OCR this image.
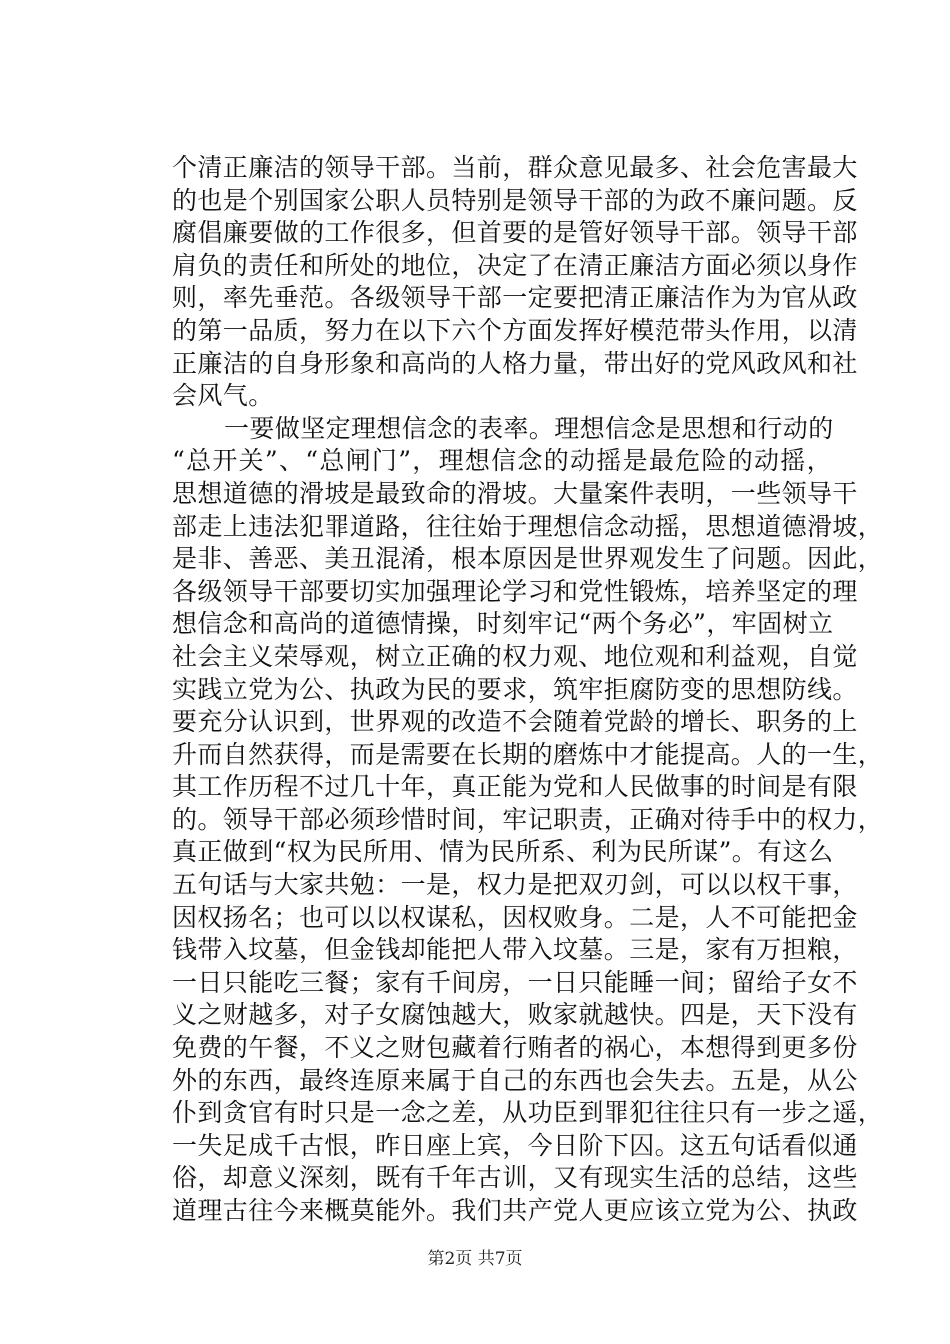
个清正廉洁的领导干部。当前，群众意见最多、社会危害最大
的也是个别国家公职人员特别是领导干部的为政不廉问题。反
腐倡廉要做的工作很多，但首要的是管好领导干部。领导干部
肩负的责任和所处的地位，决定了在清正廉洁方面必须以身作
则，率先垂范。各级领导干部一定要把清正廉洁作为为官从政
的第一品质，努力在以下六个方面发挥好模范带头作用，以清
正廉洁的自身形象和高尚的人格力量，带出好的党风政风和社
会风气。
一要做坚定理想信念的表率。理想信念是思想和行动的
“总开关”、“总闸门”，理想信念的动摇是最危险的动摇，
思想道德的滑坡是最致命的滑坡。大量案件表明，一些领导干
部走上违法犯罪道路，往往始于理想信念动摇，思想道德滑坡，
是非、善恶、美丑混淆，根本原因是世界观发生了问题。因此，
各级领导干部要切实加强理论学习和党性锻炼，培养坚定的理
想信念和高尚的道德情操，时刻牢记“两个务必”，牢固树立
社会主义荣辱观，树立正确的权力观、地位观和利益观，自觉
实践立党为公、执政为民的要求，筑牢拒腐防变的思想防线。
要充分认识到，世界观的改造不会随着党龄的增长、职务的上
升而自然获得，而是需要在长期的磨炼中才能提高。人的一生，
其工作历程不过几十年，真正能为党和人民做事的时间是有限
的。领导干部必须珍惜时间，牢记职责，正确对待手中的权力，
真正做到“权为民所用、情为民所系、利为民所谋”。有这么
五句话与大家共勉：一是，权力是把双刃剑，可以以权干事，
因权扬名；也可以以权谋私，因权败身。二是，人不可能把金
钱带入坟墓，但金钱却能把人带入坟墓。三是，家有万担粮，
一日只能吃三餐；家有千间房，一日只能睡一间；留给子女不
义之财越多，对子女腐蚀越大，败家就越快。四是，天下没有
免费的午餐，不义之财包藏着行贿者的祸心，本想得到更多份
外的东西，最终连原来属于自己的东西也会失去。五是，从公
仆到贪官有时只是一念之差，从功臣到罪犯往往只有一步之遥，
一失足成千古恨，昨日座上宾，今日阶下囚。这五句话看似通
俗，却意义深刻，既有千年古训，又有现实生活的总结，这些
道理古往今来概莫能外。我们共产党人更应该立党为公、执政
第2页 共7页
